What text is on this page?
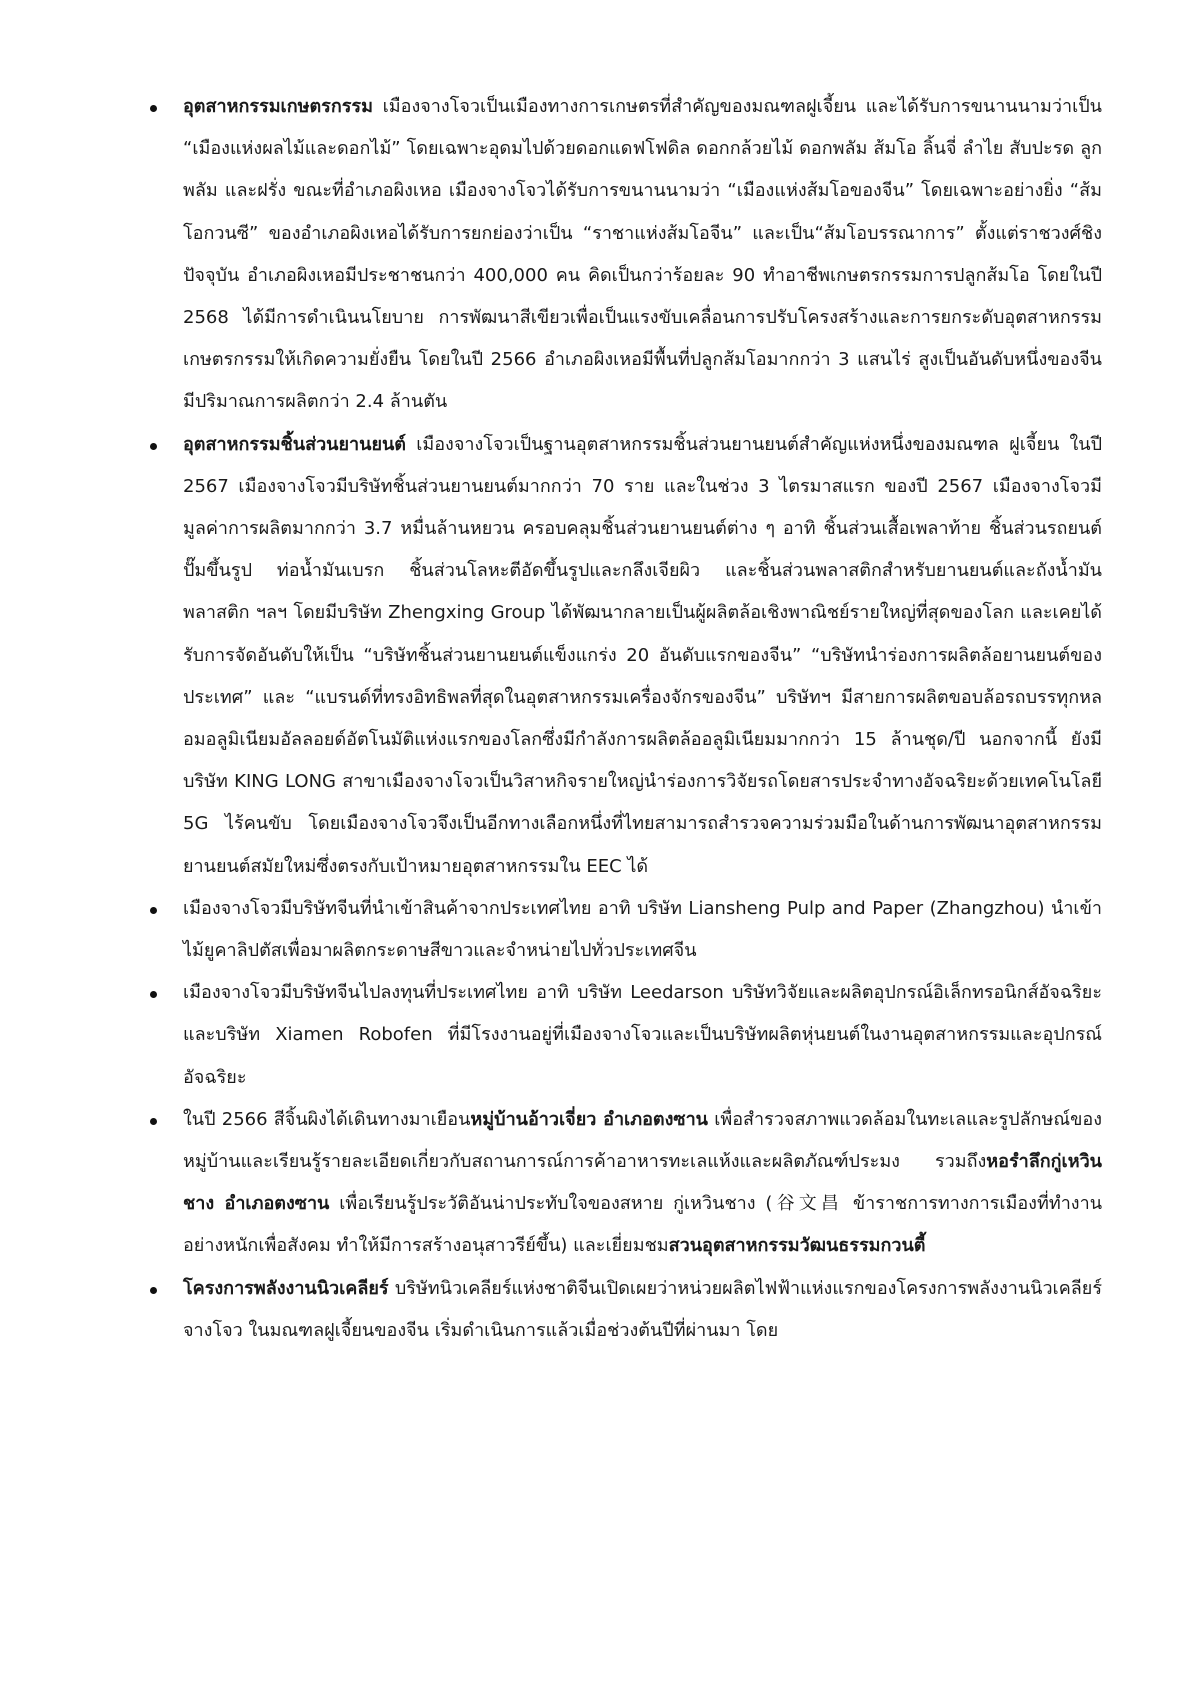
อุตสาหกรรมเกษตรกรรม เมืองจางโจวเป็นเมืองทางการเกษตรที่สำคัญของมณฑลฝูเจี้ยน และได้รับการขนานนามว่าเป็น “เมืองแห่งผลไม้และดอกไม้” โดยเฉพาะอุดมไปด้วยดอกแดฟโฟดิล ดอกกล้วยไม้ ดอกพลัม ส้มโอ ลิ้นจี่ ลำไย สับปะรด ลูกพลัม และฝรั่ง ขณะที่อำเภอผิงเหอ เมืองจางโจวได้รับการขนานนามว่า “เมืองแห่งส้มโอของจีน” โดยเฉพาะอย่างยิ่ง “ส้มโอกวนซี” ของอำเภอผิงเหอได้รับการยกย่องว่าเป็น “ราชาแห่งส้มโอจีน” และเป็น“ส้มโอบรรณาการ” ตั้งแต่ราชวงศ์ชิง ปัจจุบัน อำเภอผิงเหอมีประชาชนกว่า 400,000 คน คิดเป็นกว่าร้อยละ 90 ทำอาชีพเกษตรกรรมการปลูกส้มโอ โดยในปี 2568 ได้มีการดำเนินนโยบาย การพัฒนาสีเขียวเพื่อเป็นแรงขับเคลื่อนการปรับโครงสร้างและการยกระดับอุตสาหกรรมเกษตรกรรมให้เกิดความยั่งยืน โดยในปี 2566 อำเภอผิงเหอมีพื้นที่ปลูกส้มโอมากกว่า 3 แสนไร่ สูงเป็นอันดับหนึ่งของจีน มีปริมาณการผลิตกว่า 2.4 ล้านตัน
อุตสาหกรรมชิ้นส่วนยานยนต์ เมืองจางโจวเป็นฐานอุตสาหกรรมชิ้นส่วนยานยนต์สำคัญแห่งหนึ่งของมณฑล ฝูเจี้ยน ในปี 2567 เมืองจางโจวมีบริษัทชิ้นส่วนยานยนต์มากกว่า 70 ราย และในช่วง 3 ไตรมาสแรก ของปี 2567 เมืองจางโจวมีมูลค่าการผลิตมากกว่า 3.7 หมื่นล้านหยวน ครอบคลุมชิ้นส่วนยานยนต์ต่าง ๆ อาทิ ชิ้นส่วนเสื้อเพลาท้าย ชิ้นส่วนรถยนต์ปั๊มขึ้นรูป ท่อน้ำมันเบรก ชิ้นส่วนโลหะตีอัดขึ้นรูปและกลึงเจียผิว และชิ้นส่วนพลาสติกสำหรับยานยนต์และถังน้ำมันพลาสติก ฯลฯ โดยมีบริษัท Zhengxing Group ได้พัฒนากลายเป็นผู้ผลิตล้อเชิงพาณิชย์รายใหญ่ที่สุดของโลก และเคยได้รับการจัดอันดับให้เป็น “บริษัทชิ้นส่วนยานยนต์แข็งแกร่ง 20 อันดับแรกของจีน” “บริษัทนำร่องการผลิตล้อยานยนต์ของประเทศ” และ “แบรนด์ที่ทรงอิทธิพลที่สุดในอุตสาหกรรมเครื่องจักรของจีน” บริษัทฯ มีสายการผลิตขอบล้อรถบรรทุกหลอมอลูมิเนียมอัลลอยด์อัตโนมัติแห่งแรกของโลกซึ่งมีกำลังการผลิตล้ออลูมิเนียมมากกว่า 15 ล้านชุด/ปี นอกจากนี้ ยังมีบริษัท KING LONG สาขาเมืองจางโจวเป็นวิสาหกิจรายใหญ่นำร่องการวิจัยรถโดยสารประจำทางอัจฉริยะด้วยเทคโนโลยี 5G ไร้คนขับ โดยเมืองจางโจวจึงเป็นอีกทางเลือกหนึ่งที่ไทยสามารถสำรวจความร่วมมือในด้านการพัฒนาอุตสาหกรรมยานยนต์สมัยใหม่ซึ่งตรงกับเป้าหมายอุตสาหกรรมใน EEC ได้
เมืองจางโจวมีบริษัทจีนที่นำเข้าสินค้าจากประเทศไทย อาทิ บริษัท Liansheng Pulp and Paper (Zhangzhou) นำเข้าไม้ยูคาลิปตัสเพื่อมาผลิตกระดาษสีขาวและจำหน่ายไปทั่วประเทศจีน
เมืองจางโจวมีบริษัทจีนไปลงทุนที่ประเทศไทย อาทิ บริษัท Leedarson บริษัทวิจัยและผลิตอุปกรณ์อิเล็กทรอนิกส์อัจฉริยะและบริษัท Xiamen Robofen ที่มีโรงงานอยู่ที่เมืองจางโจวและเป็นบริษัทผลิตหุ่นยนต์ในงานอุตสาหกรรมและอุปกรณ์อัจฉริยะ
ในปี 2566 สีจิ้นผิงได้เดินทางมาเยือนหมู่บ้านอ้าวเจี่ยว อำเภอตงซาน เพื่อสำรวจสภาพแวดล้อมในทะเลและรูปลักษณ์ของหมู่บ้านและเรียนรู้รายละเอียดเกี่ยวกับสถานการณ์การค้าอาหารทะเลแห้งและผลิตภัณฑ์ประมง รวมถึงหอรำลึกกู่เหวินชาง อำเภอตงซาน เพื่อเรียนรู้ประวัติอันน่าประทับใจของสหาย กู่เหวินชาง (谷文昌 ข้าราชการทางการเมืองที่ทำงานอย่างหนักเพื่อสังคม ทำให้มีการสร้างอนุสาวรีย์ขึ้น) และเยี่ยมชมสวนอุตสาหกรรมวัฒนธรรมกวนตี้
โครงการพลังงานนิวเคลียร์ บริษัทนิวเคลียร์แห่งชาติจีนเปิดเผยว่าหน่วยผลิตไฟฟ้าแห่งแรกของโครงการพลังงานนิวเคลียร์จางโจว ในมณฑลฝูเจี้ยนของจีน เริ่มดำเนินการแล้วเมื่อช่วงต้นปีที่ผ่านมา โดย
